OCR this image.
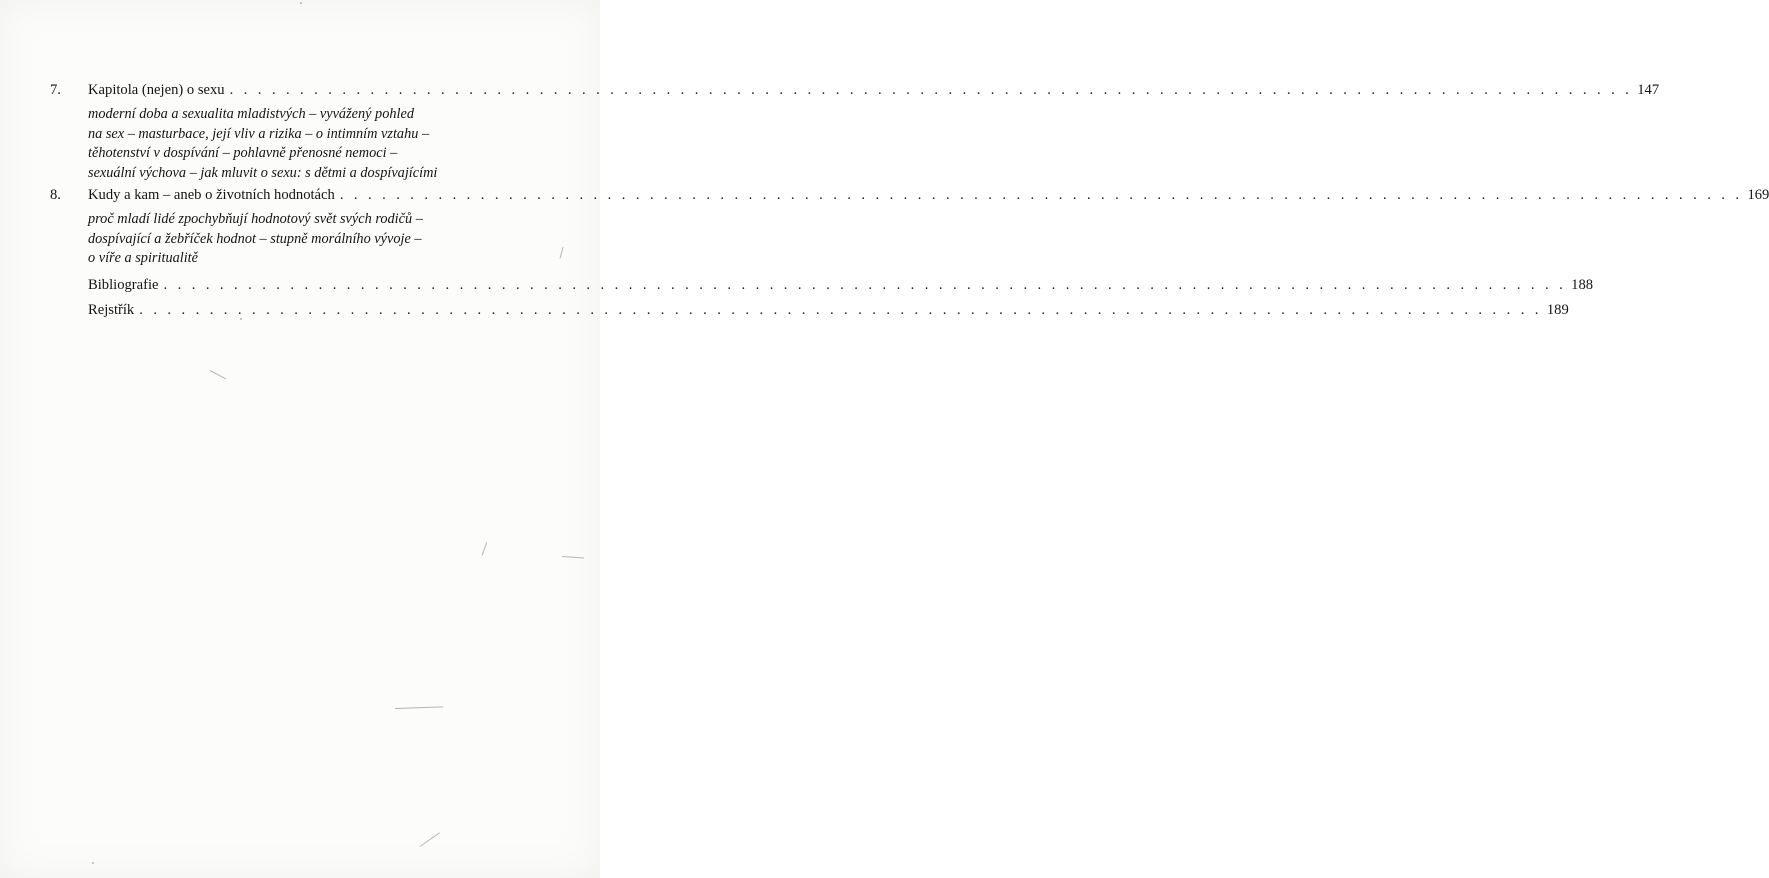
7.	Kapitola (nejen) o sexu . . . . . . . . . . . . . . . . . . . . . . . . . . . . . . . . . . . . . . . . . . . . . . . . . . . . . . . . . . . . . . . . . . . . . . . . . . . . . . . . . . . . . . . . . . . . . . . . . . . . 147
moderní doba a sexualita mladistvých – vyvážený pohled
na sex – masturbace, její vliv a rizika – o intimním vztahu –
těhotenství v dospívání – pohlavně přenosné nemoci –
sexuální výchova – jak mluvit o sexu: s dětmi a dospívajícími
8.	Kudy a kam – aneb o životních hodnotách . . . . . . . . . . . . . . . . . . . . . . . . . . . . . . . . . . . . . . . . . . . . . . . . . . . . . . . . . . . . . . . . . . . . . . . . . . . . . . . . . . . . . . . . . . . . . . . . . . . . 169
proč mladí lidé zpochybňují hodnotový svět svých rodičů –
dospívající a žebříček hodnot – stupně morálního vývoje –
o víře a spiritualitě
Bibliografie . . . . . . . . . . . . . . . . . . . . . . . . . . . . . . . . . . . . . . . . . . . . . . . . . . . . . . . . . . . . . . . . . . . . . . . . . . . . . . . . . . . . . . . . . . . . . . . . . . . . 188
Rejstřík . . . . . . . . . . . . . . . . . . . . . . . . . . . . . . . . . . . . . . . . . . . . . . . . . . . . . . . . . . . . . . . . . . . . . . . . . . . . . . . . . . . . . . . . . . . . . . . . . . . . 189
